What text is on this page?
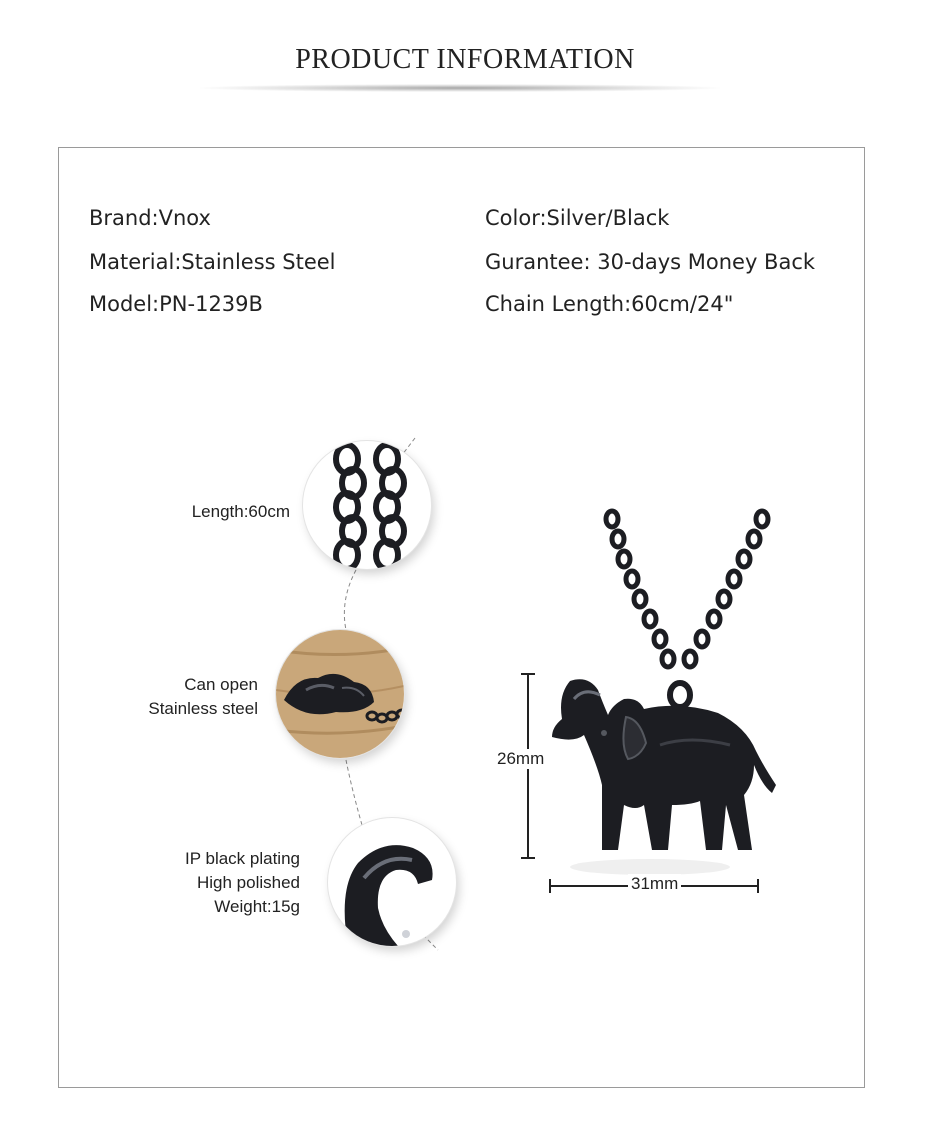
PRODUCT INFORMATION
Brand:Vnox
Material:Stainless Steel
Model:PN-1239B
Color:Silver/Black
Gurantee: 30-days Money Back
Chain Length:60cm/24"
Length:60cm
Can open
Stainless steel
IP black plating
High polished
Weight:15g
26mm
31mm
